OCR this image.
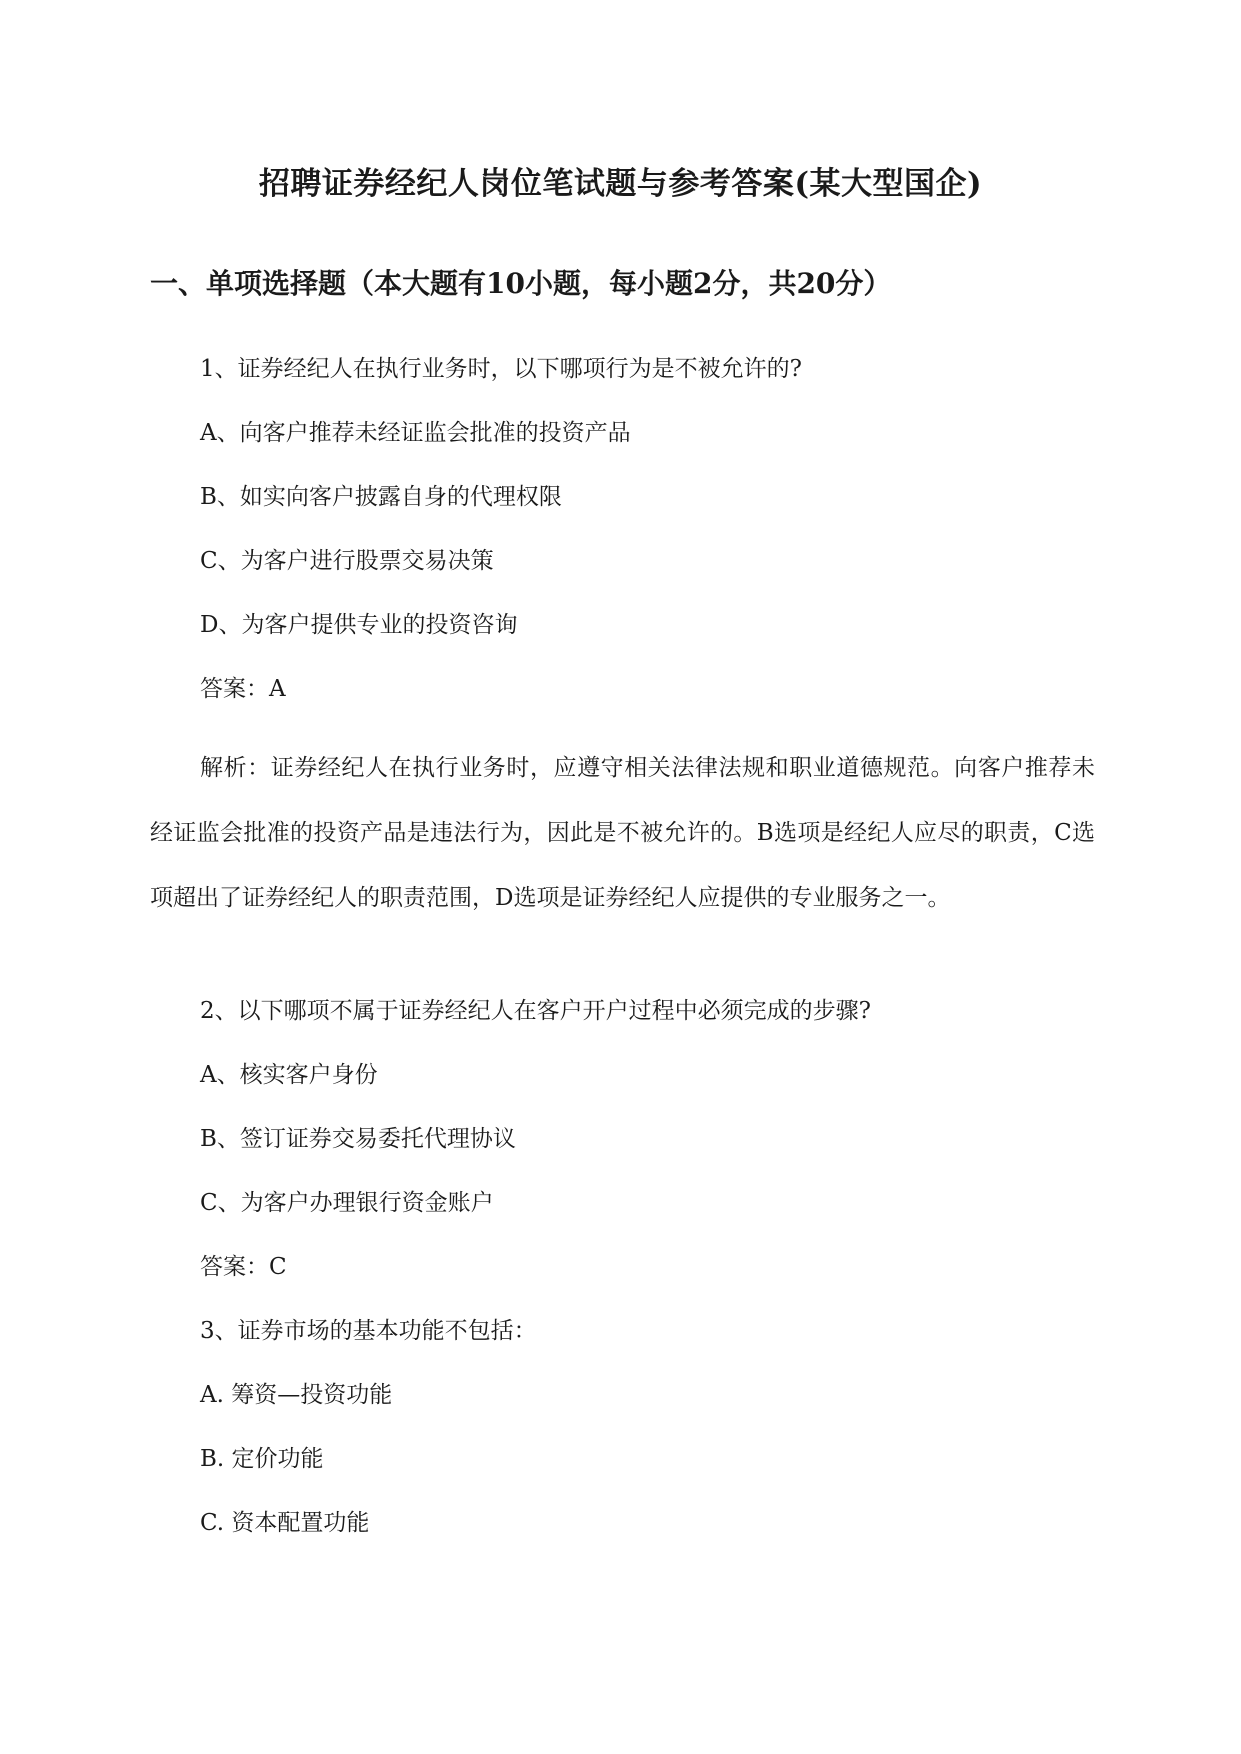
招聘证券经纪人岗位笔试题与参考答案(某大型国企)
一、单项选择题（本大题有10小题，每小题2分，共20分）
1、证券经纪人在执行业务时，以下哪项行为是不被允许的?
A、向客户推荐未经证监会批准的投资产品
B、如实向客户披露自身的代理权限
C、为客户进行股票交易决策
D、为客户提供专业的投资咨询
答案：A
解析：证券经纪人在执行业务时，应遵守相关法律法规和职业道德规范。向客户推荐未经证监会批准的投资产品是违法行为，因此是不被允许的。B选项是经纪人应尽的职责，C选项超出了证券经纪人的职责范围，D选项是证券经纪人应提供的专业服务之一。
2、以下哪项不属于证券经纪人在客户开户过程中必须完成的步骤?
A、核实客户身份
B、签订证券交易委托代理协议
C、为客户办理银行资金账户
答案：C
3、证券市场的基本功能不包括：
A. 筹资—投资功能
B. 定价功能
C. 资本配置功能
